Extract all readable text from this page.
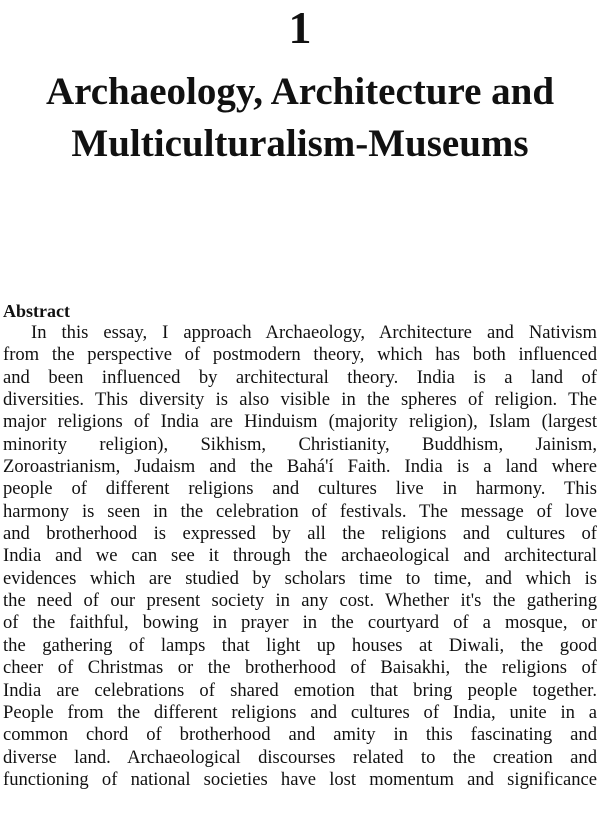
1
Archaeology, Architecture and
Multiculturalism-Museums
Abstract
In this essay, I approach Archaeology, Architecture and Nativism
from the perspective of postmodern theory, which has both influenced
and been influenced by architectural theory. India is a land of
diversities. This diversity is also visible in the spheres of religion. The
major religions of India are Hinduism (majority religion), Islam (largest
minority religion), Sikhism, Christianity, Buddhism, Jainism,
Zoroastrianism, Judaism and the Bahá'í Faith. India is a land where
people of different religions and cultures live in harmony. This
harmony is seen in the celebration of festivals. The message of love
and brotherhood is expressed by all the religions and cultures of
India and we can see it through the archaeological and architectural
evidences which are studied by scholars time to time, and which is
the need of our present society in any cost. Whether it's the gathering
of the faithful, bowing in prayer in the courtyard of a mosque, or
the gathering of lamps that light up houses at Diwali, the good
cheer of Christmas or the brotherhood of Baisakhi, the religions of
India are celebrations of shared emotion that bring people together.
People from the different religions and cultures of India, unite in a
common chord of brotherhood and amity in this fascinating and
diverse land. Archaeological discourses related to the creation and
functioning of national societies have lost momentum and significance
